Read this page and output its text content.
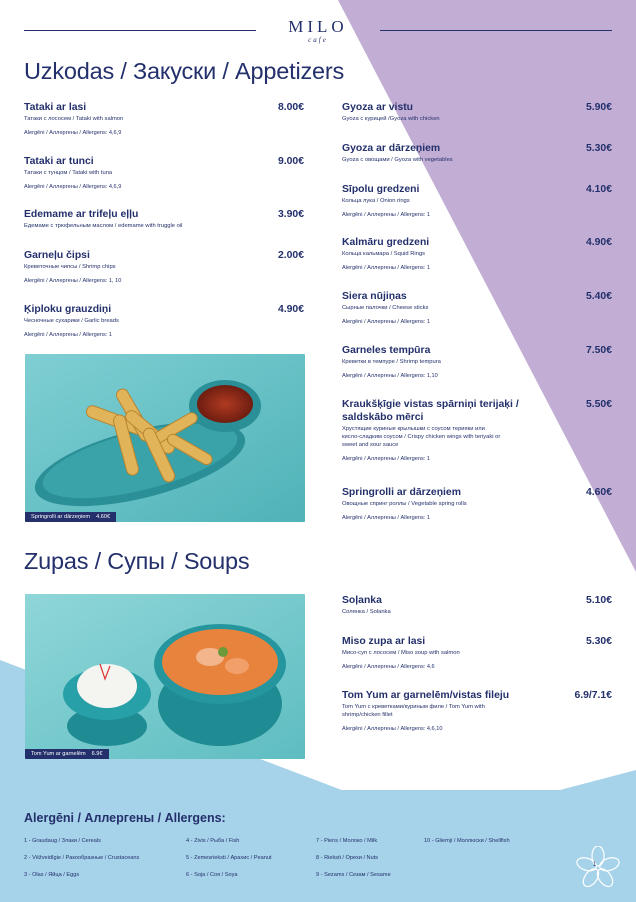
MILO
cafe
Uzkodas / Закуски / Appetizers
Tataki ar lasi	8.00€
Татаки с лососем / Tataki with salmon
Alergēni / Аллергены / Allergens: 4,6,9
Tataki ar tunci	9.00€
Татаки с тунцом / Tataki with tuna
Alergēni / Аллергены / Allergens: 4,6,9
Edemame ar trifeļu eļļu	3.90€
Едемаме с трюфельным маслом / edemame with truggle oil
Garneļu čipsi	2.00€
Креветочные чипсы / Shrimp chips
Alergēni / Аллергены / Allergens: 1, 10
Ķiploku grauzdiņi	4.90€
Чесночные сухарики / Garlic breads
Alergēni / Аллергены / Allergens: 1
Springrolli ar dārzeņiem 4.60€
Gyoza ar vistu	5.90€
Gyoza с курицей /Gyoza with chicken
Gyoza ar dārzeņiem	5.30€
Gyoza с овощами / Gyoza with vegetables
Sīpolu gredzeni	4.10€
Кольца лука / Onion rings
Alergēni / Аллергены / Allergens: 1
Kalmāru gredzeni	4.90€
Кольца кальмара / Squid Rings
Alergēni / Аллергены / Allergens: 1
Siera nūjiņas	5.40€
Сырные палочки / Cheese sticks
Alergēni / Аллергены / Allergens: 1
Garneles tempūra	7.50€
Креветки в темпуре / Shrimp tempura
Alergēni / Аллергены / Allergens: 1,10
Kraukšķīgie vistas spārniņi terijaķi / saldskābo mērci
5.50€
Хрустящие куриные крылышки с соусом терияки или кисло-сладким соусом / Crispy chicken wings with teriyaki or sweet and sour sauce
Alergēni / Аллергены / Allergens: 1
Springrolli ar dārzeņiem	4.60€
Овощные спринг роллы / Vegetable spring rolls
Alergēni / Аллергены / Allergens: 1
Zupas / Супы / Soups
Tom Yum ar garnelēm 6.9€
Soļanka	5.10€
Солянка / Solanka
Miso zupa ar lasi	5.30€
Мисо-суп с лососем / Miso soup with salmon
Alergēni / Аллергены / Allergens: 4,6
Tom Yum ar garnelēm/vistas fileju	6.9/7.1€
Tom Yum с креветками/куриным филе / Tom Yum with shrimp/chicken fillet
Alergēni / Аллергены / Allergens: 4,6,10
Alergēni / Аллергены / Allergens:
1 - Graudaug / Злаки / Cereals
2 - Vēžveidīgie / Ракообразные / Crustaceans
3 - Olas / Яйца / Eggs
4 - Zivis / Рыба / Fish
5 - Zemesrieksti / Арахис / Peanut
6 - Soja / Соя / Soya
7 - Piens / Молоко / Milk
8 - Rieksti / Орехи / Nuts
9 - Sezams / Сезам / Sesame
10 - Gliemji / Моллюски / Shellfish
1
